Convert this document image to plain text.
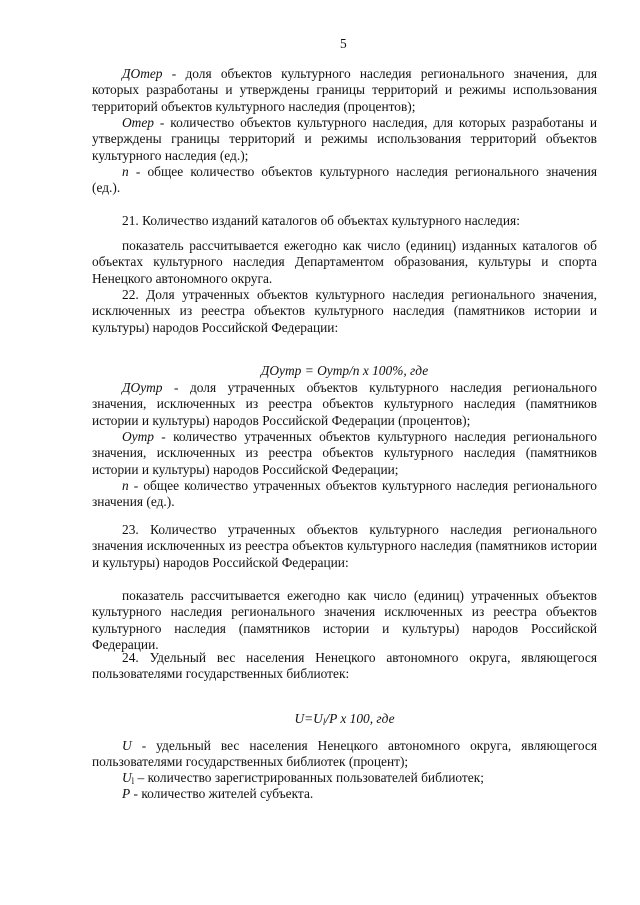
5

ДОтер - доля объектов культурного наследия регионального значения, для которых разработаны и утверждены границы территорий и режимы использования территорий объектов культурного наследия (процентов);

Отер - количество объектов культурного наследия, для которых разработаны и утверждены границы территорий и режимы использования территорий объектов культурного наследия (ед.);

n - общее количество объектов культурного наследия регионального значения (ед.).

21. Количество изданий каталогов об объектах культурного наследия:

показатель рассчитывается ежегодно как число (единиц) изданных каталогов об объектах культурного наследия Департаментом образования, культуры и спорта Ненецкого автономного округа.

22. Доля утраченных объектов культурного наследия регионального значения, исключенных из реестра объектов культурного наследия (памятников истории и культуры) народов Российской Федерации:

ДОутр = Оутр/n x 100%, где

ДОутр - доля утраченных объектов культурного наследия регионального значения, исключенных из реестра объектов культурного наследия (памятников истории и культуры) народов Российской Федерации (процентов);

Оутр - количество утраченных объектов культурного наследия регионального значения, исключенных из реестра объектов культурного наследия (памятников истории и культуры) народов Российской Федерации;

n - общее количество утраченных объектов культурного наследия регионального значения (ед.).

23. Количество утраченных объектов культурного наследия регионального значения исключенных из реестра объектов культурного наследия (памятников истории и культуры) народов Российской Федерации:

показатель рассчитывается ежегодно как число (единиц) утраченных объектов культурного наследия регионального значения исключенных из реестра объектов культурного наследия (памятников истории и культуры) народов Российской Федерации.

24. Удельный вес населения Ненецкого автономного округа, являющегося пользователями государственных библиотек:

$U=U_l/P$ x 100, где

U - удельный вес населения Ненецкого автономного округа, являющегося пользователями государственных библиотек (процент);

$U_l$ – количество зарегистрированных пользователей библиотек;

P - количество жителей субъекта.
